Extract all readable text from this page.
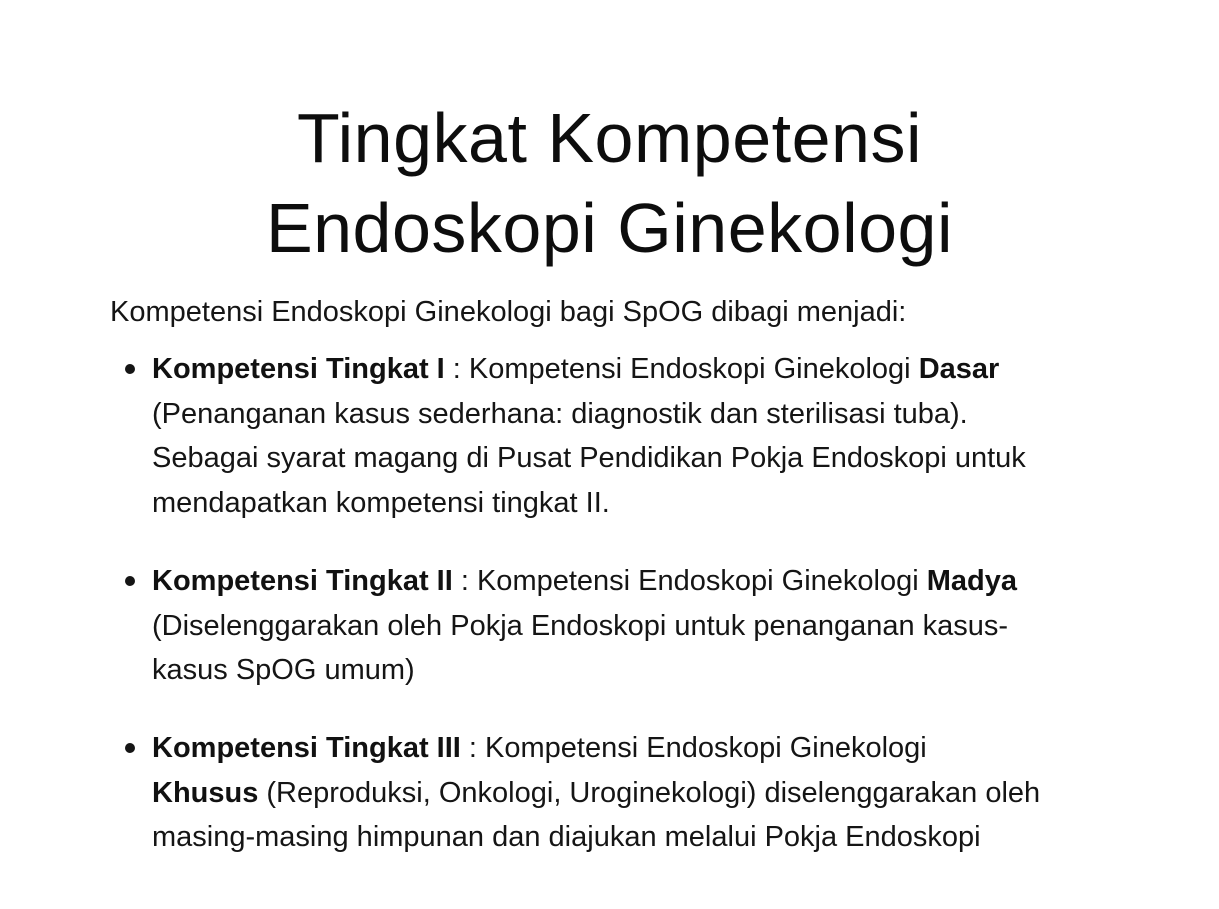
Tingkat Kompetensi
Endoskopi Ginekologi
Kompetensi Endoskopi Ginekologi bagi SpOG dibagi menjadi:
Kompetensi Tingkat I : Kompetensi Endoskopi Ginekologi Dasar
(Penanganan kasus sederhana: diagnostik dan sterilisasi tuba).
Sebagai syarat magang di Pusat Pendidikan Pokja Endoskopi untuk
mendapatkan kompetensi tingkat II.
Kompetensi Tingkat II : Kompetensi Endoskopi Ginekologi Madya
(Diselenggarakan oleh Pokja Endoskopi untuk penanganan kasus-
kasus SpOG umum)
Kompetensi Tingkat III : Kompetensi Endoskopi Ginekologi
Khusus (Reproduksi, Onkologi, Uroginekologi) diselenggarakan oleh
masing-masing himpunan dan diajukan melalui Pokja Endoskopi
